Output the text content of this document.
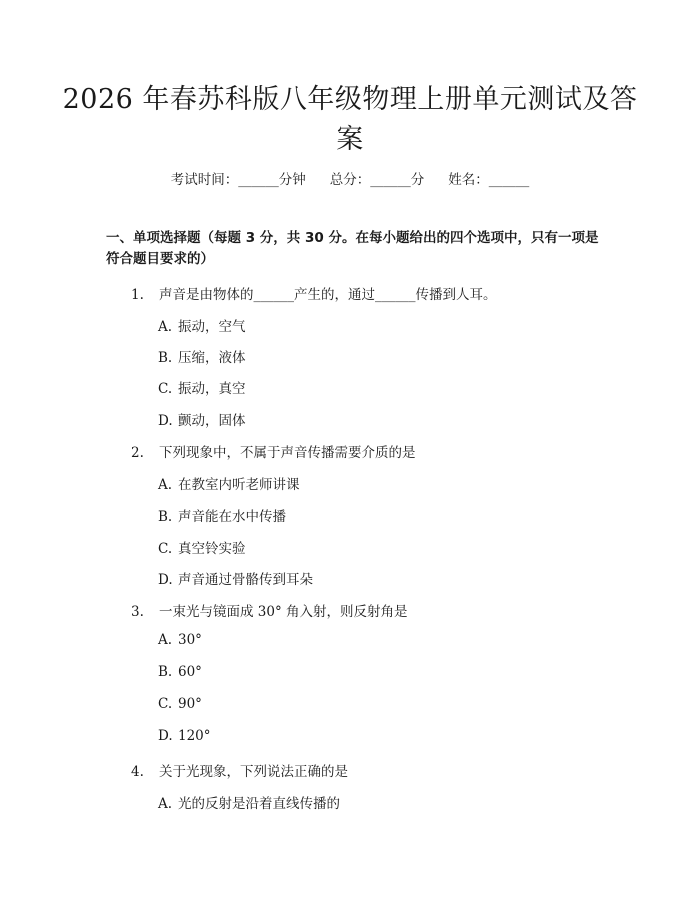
2026 年春苏科版八年级物理上册单元测试及答案
考试时间：______分钟 总分：______分 姓名：______
一、单项选择题（每题 3 分，共 30 分。在每小题给出的四个选项中，只有一项是符合题目要求的）
1. 声音是由物体的______产生的，通过______传播到人耳。
A. 振动，空气
B. 压缩，液体
C. 振动，真空
D. 颤动，固体
2. 下列现象中，不属于声音传播需要介质的是
A. 在教室内听老师讲课
B. 声音能在水中传播
C. 真空铃实验
D. 声音通过骨骼传到耳朵
3. 一束光与镜面成 30° 角入射，则反射角是
A. 30°
B. 60°
C. 90°
D. 120°
4. 关于光现象，下列说法正确的是
A. 光的反射是沿着直线传播的
